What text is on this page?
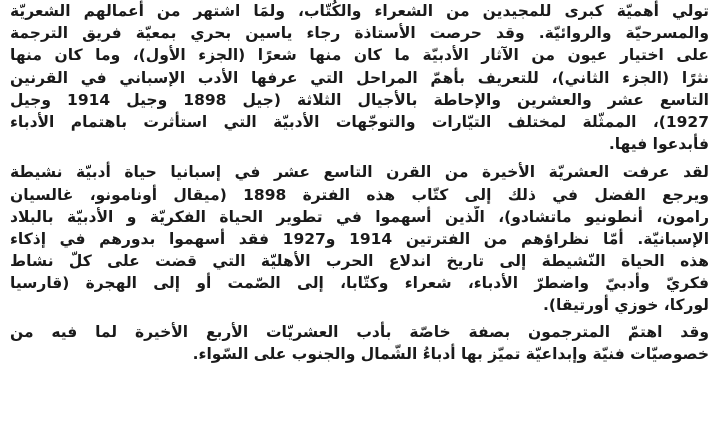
تولي أهميّة كبرى للمجيدين من الشعراء والكُتّاب، ولمَا اشتهر من أعمالهم الشعريّة
والمسرحيّة والروائيّة. وقد حرصت الأستاذة رجاء ياسين بحري بمعيّة فريق الترجمة
على اختيار عيون من الآثار الأدبيّة ما كان منها شعرًا (الجزء الأول)، وما كان منها
نثرًا (الجزء الثاني)، للتعريف بأهمّ المراحل التي عرفها الأدب الإسباني في القرنين
التاسع عشر والعشرين والإحاطة بالأجيال الثلاثة (جيل 1898 وجيل 1914 وجيل
1927)، الممثّلة لمختلف التيّارات والتوجّهات الأدبيّة التي استأثرت باهتمام الأدباء
فأبدعوا فيها.
لقد عرفت العشريّة الأخيرة من القرن التاسع عشر في إسبانيا حياة أدبيّة نشيطة
ويرجع الفضل في ذلك إلى كتّاب هذه الفترة 1898 (ميقال أونامونو، غالسيان
رامون، أنطونيو ماتشادو)، الّذين أسهموا في تطوير الحياة الفكريّة و الأدبيّة بالبلاد
الإسبانيّة. أمّا نظراؤهم من الفترتين 1914 و1927 فقد أسهموا بدورهم في إذكاء
هذه الحياة النّشيطة إلى تاريخ اندلاع الحرب الأهليّة التي قضت على كلّ نشاط
فكريّ وأدبيّ واضطرّ الأدباء، شعراء وكتّابا، إلى الصّمت أو إلى الهجرة (قارسيا
لوركا، خوزي أورتيقا).
وقد اهتمّ المترجمون بصفة خاصّة بأدب العشريّات الأربع الأخيرة لما فيه من
خصوصيّات فنيّة وإبداعيّة تميّز بها أدباءُ الشّمال والجنوب على السّواء.
